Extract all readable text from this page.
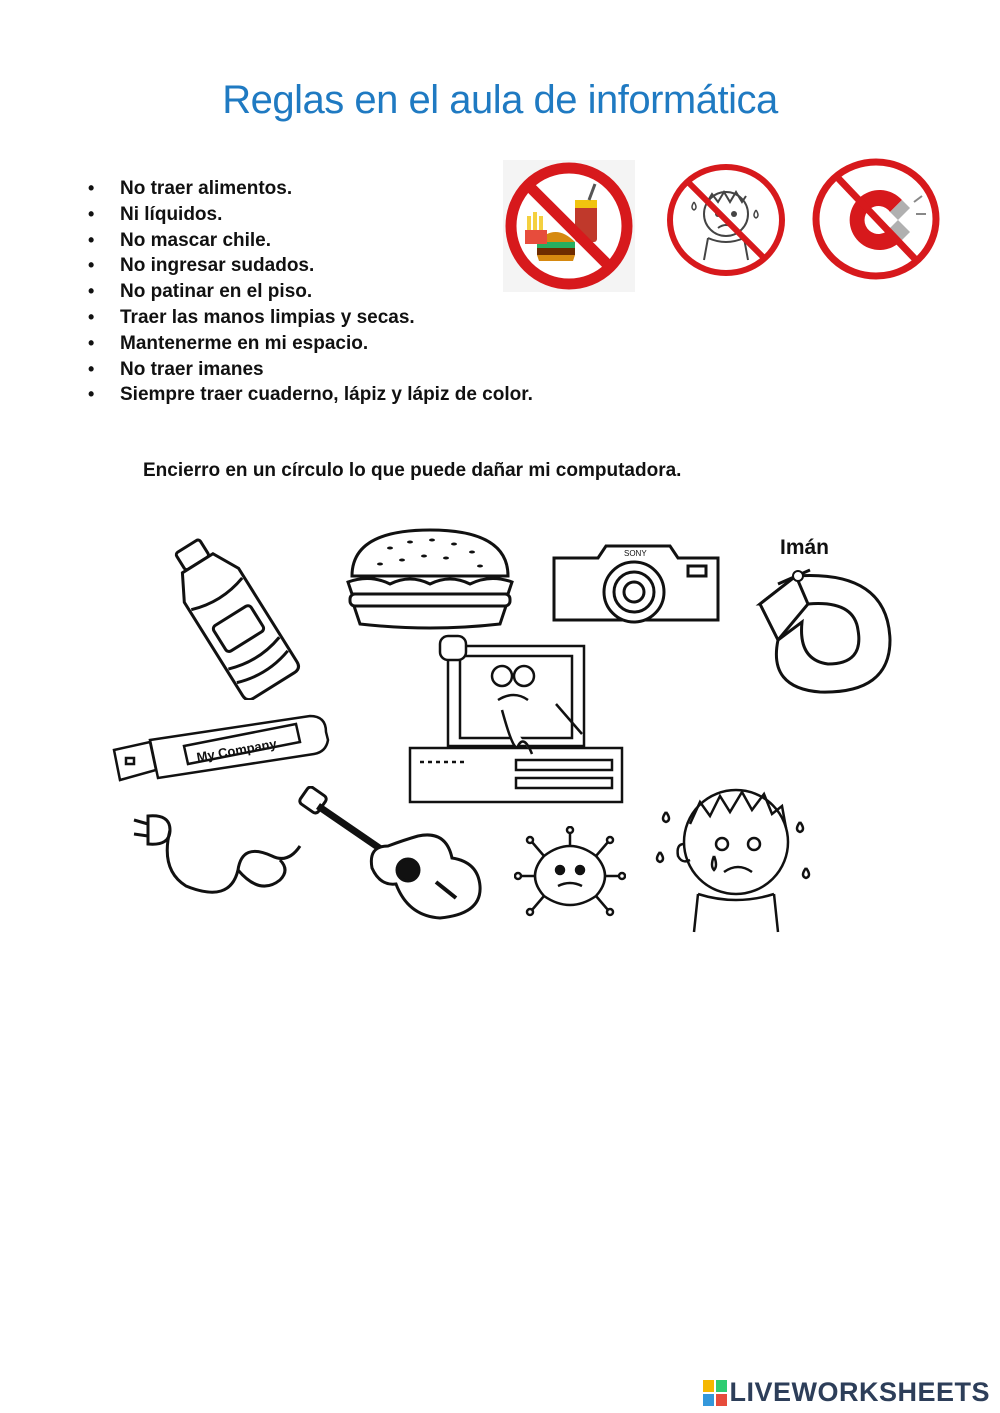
Reglas en el aula de informática
• No traer alimentos.
• Ni líquidos.
• No mascar chile.
• No ingresar sudados.
• No patinar en el piso.
• Traer las manos limpias y secas.
• Mantenerme en mi espacio.
• No traer imanes
• Siempre traer cuaderno, lápiz y lápiz de color.
Encierro en un círculo lo que puede dañar mi computadora.
SONY	Imán
My Company
LIVEWORKSHEETS
